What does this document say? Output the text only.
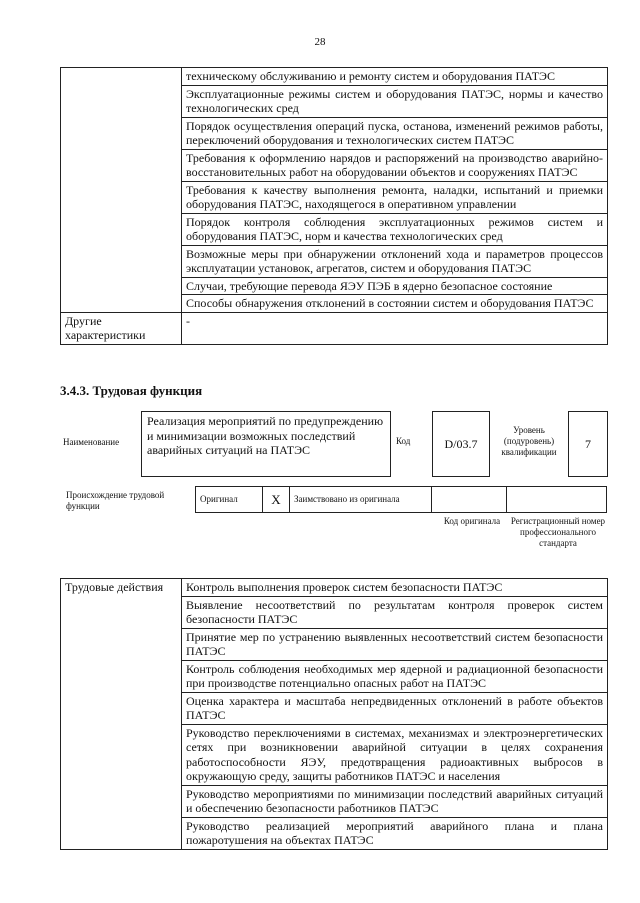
28
	техническому обслуживанию и ремонту систем и оборудования ПАТЭС
	Эксплуатационные режимы систем и оборудования ПАТЭС, нормы и качество технологических сред
	Порядок осуществления операций пуска, останова, изменений режимов работы, переключений оборудования и технологических систем ПАТЭС
	Требования к оформлению нарядов и распоряжений на производство аварийно-восстановительных работ на оборудовании объектов и сооружениях ПАТЭС
	Требования к качеству выполнения ремонта, наладки, испытаний и приемки оборудования ПАТЭС, находящегося в оперативном управлении
	Порядок контроля соблюдения эксплуатационных режимов систем и оборудования ПАТЭС, норм и качества технологических сред
	Возможные меры при обнаружении отклонений хода и параметров процессов эксплуатации установок, агрегатов, систем и оборудования ПАТЭС
	Случаи, требующие перевода ЯЭУ ПЭБ в ядерно безопасное состояние
	Способы обнаружения отклонений в состоянии систем и оборудования ПАТЭС
Другие характеристики	-
3.4.3. Трудовая функция
Наименование
Реализация мероприятий по предупреждению и минимизации возможных последствий аварийных ситуаций на ПАТЭС
Код	D/03.7
Уровень (подуровень) квалификации
7
Происхождение трудовой функции
Оригинал	X	Заимствовано из оригинала
Код оригинала	Регистрационный номер профессионального стандарта
Трудовые действия	Контроль выполнения проверок систем безопасности ПАТЭС
Выявление несоответствий по результатам контроля проверок систем безопасности ПАТЭС
Принятие мер по устранению выявленных несоответствий систем безопасности ПАТЭС
Контроль соблюдения необходимых мер ядерной и радиационной безопасности при производстве потенциально опасных работ на ПАТЭС
Оценка характера и масштаба непредвиденных отклонений в работе объектов ПАТЭС
Руководство переключениями в системах, механизмах и электроэнергетических сетях при возникновении аварийной ситуации в целях сохранения работоспособности ЯЭУ, предотвращения радиоактивных выбросов в окружающую среду, защиты работников ПАТЭС и населения
Руководство мероприятиями по минимизации последствий аварийных ситуаций и обеспечению безопасности работников ПАТЭС
Руководство реализацией мероприятий аварийного плана и плана пожаротушения на объектах ПАТЭС
